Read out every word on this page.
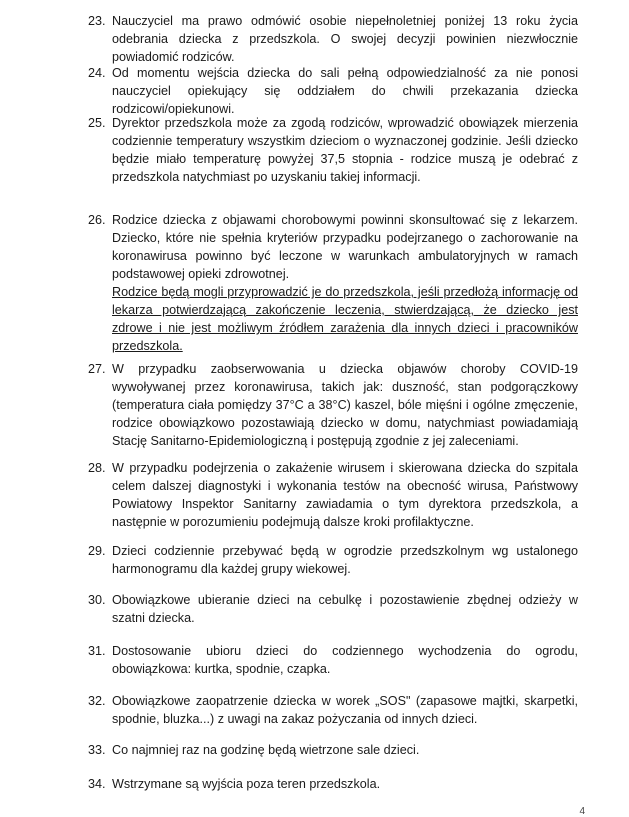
23. Nauczyciel ma prawo odmówić osobie niepełnoletniej poniżej 13 roku życia odebrania dziecka z przedszkola. O swojej decyzji powinien niezwłocznie powiadomić rodziców.

24. Od momentu wejścia dziecka do sali pełną odpowiedzialność za nie ponosi nauczyciel opiekujący się oddziałem do chwili przekazania dziecka rodzicowi/opiekunowi.

25. Dyrektor przedszkola może za zgodą rodziców, wprowadzić obowiązek mierzenia codziennie temperatury wszystkim dzieciom o wyznaczonej godzinie. Jeśli dziecko będzie miało temperaturę powyżej 37,5 stopnia - rodzice muszą je odebrać z przedszkola natychmiast po uzyskaniu takiej informacji.

26. Rodzice dziecka z objawami chorobowymi powinni skonsultować się z lekarzem. Dziecko, które nie spełnia kryteriów przypadku podejrzanego o zachorowanie na koronawirusa powinno być leczone w warunkach ambulatoryjnych w ramach podstawowej opieki zdrowotnej.

Rodzice będą mogli przyprowadzić je do przedszkola, jeśli przedłożą informację od lekarza potwierdzającą zakończenie leczenia, stwierdzającą, że dziecko jest zdrowe i nie jest możliwym źródłem zarażenia dla innych dzieci i pracowników przedszkola.

27. W przypadku zaobserwowania u dziecka objawów choroby COVID-19 wywoływanej przez koronawirusa, takich jak: duszność, stan podgorączkowy (temperatura ciała pomiędzy 37°C a 38°C) kaszel, bóle mięśni i ogólne zmęczenie, rodzice obowiązkowo pozostawiają dziecko w domu, natychmiast powiadamiają Stację Sanitarno-Epidemiologiczną i postępują zgodnie z jej zaleceniami.

28. W przypadku podejrzenia o zakażenie wirusem i skierowana dziecka do szpitala celem dalszej diagnostyki i wykonania testów na obecność wirusa, Państwowy Powiatowy Inspektor Sanitarny zawiadamia o tym dyrektora przedszkola, a następnie w porozumieniu podejmują dalsze kroki profilaktyczne.

29. Dzieci codziennie przebywać będą w ogrodzie przedszkolnym wg ustalonego harmonogramu dla każdej grupy wiekowej.

30. Obowiązkowe ubieranie dzieci na cebulkę i pozostawienie zbędnej odzieży w szatni dziecka.

31. Dostosowanie ubioru dzieci do codziennego wychodzenia do ogrodu, obowiązkowa: kurtka, spodnie, czapka.

32. Obowiązkowe zaopatrzenie dziecka w worek „SOS" (zapasowe majtki, skarpetki, spodnie, bluzka...) z uwagi na zakaz pożyczania od innych dzieci.

33. Co najmniej raz na godzinę będą wietrzone sale dzieci.

34. Wstrzymane są wyjścia poza teren przedszkola.

4
